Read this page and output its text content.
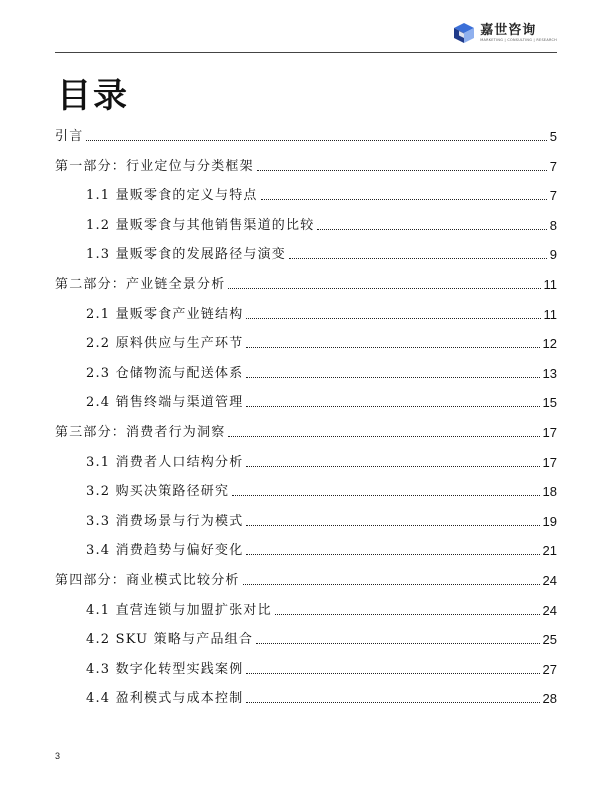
嘉世咨询
MARKETING | CONSULTING | RESEARCH
目录
引言	5
第一部分：行业定位与分类框架	7
1.1 量贩零食的定义与特点	7
1.2 量贩零食与其他销售渠道的比较	8
1.3 量贩零食的发展路径与演变	9
第二部分：产业链全景分析	11
2.1 量贩零食产业链结构	11
2.2 原料供应与生产环节	12
2.3 仓储物流与配送体系	13
2.4 销售终端与渠道管理	15
第三部分：消费者行为洞察	17
3.1 消费者人口结构分析	17
3.2 购买决策路径研究	18
3.3 消费场景与行为模式	19
3.4 消费趋势与偏好变化	21
第四部分：商业模式比较分析	24
4.1 直营连锁与加盟扩张对比	24
4.2 SKU 策略与产品组合	25
4.3 数字化转型实践案例	27
4.4 盈利模式与成本控制	28
3
